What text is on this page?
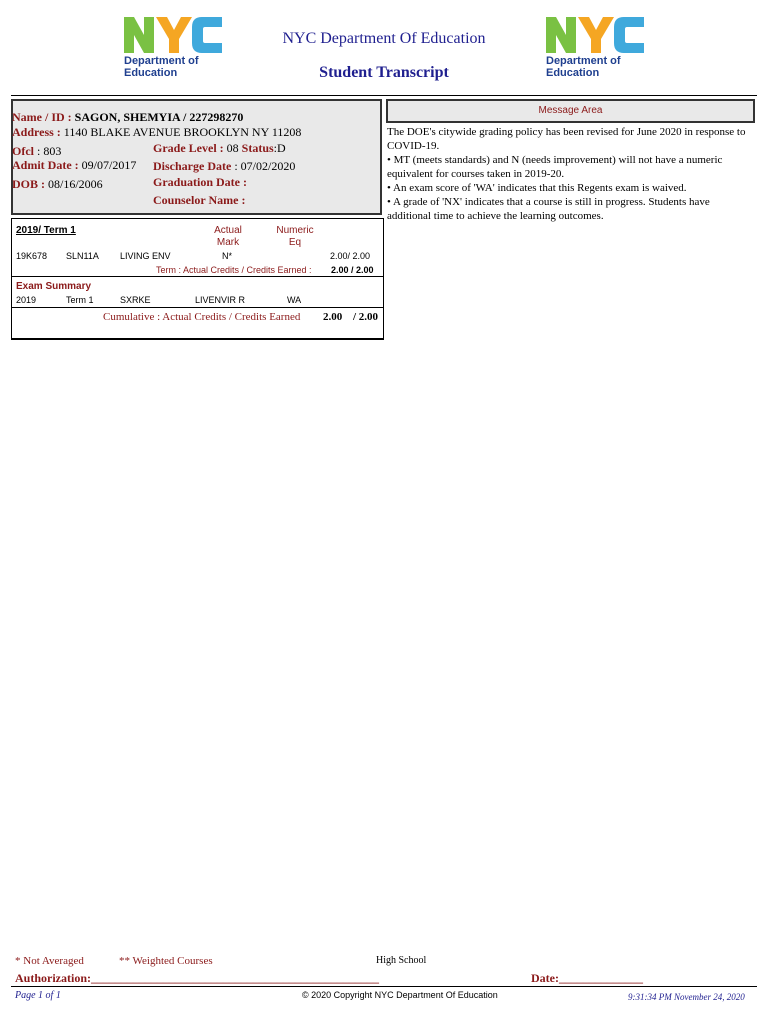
Department of
Education
Department of
Education
NYC Department Of Education
Student Transcript
Name / ID : SAGON, SHEMYIA / 227298270
Address : 1140 BLAKE AVENUE BROOKLYN NY 11208
Ofcl : 803	Grade Level : 08 Status:D
Admit Date : 09/07/2017 Discharge Date : 07/02/2020
DOB : 08/16/2006	Graduation Date :
Counselor Name :
Message Area
The DOE's citywide grading policy has been revised for June 2020 in response to COVID-19.
• MT (meets standards) and N (needs improvement) will not have a numeric equivalent for courses taken in 2019-20.
• An exam score of 'WA' indicates that this Regents exam is waived.
• A grade of 'NX' indicates that a course is still in progress. Students have additional time to achieve the learning outcomes.
2019/ Term 1	Actual
Mark
Numeric
Eq
19K678 SLN11A LIVING ENV	N*	2.00/ 2.00
Term : Actual Credits / Credits Earned : 2.00 / 2.00
Exam Summary
2019	Term 1	SXRKE	LIVENVIR R	WA
Cumulative : Actual Credits / Credits Earned 2.00 / 2.00
* Not Averaged	** Weighted Courses	High School
Authorization:________________________________________________	Date:______________
Page 1 of 1	© 2020 Copyright NYC Department Of Education	9:31:34 PM November 24, 2020
